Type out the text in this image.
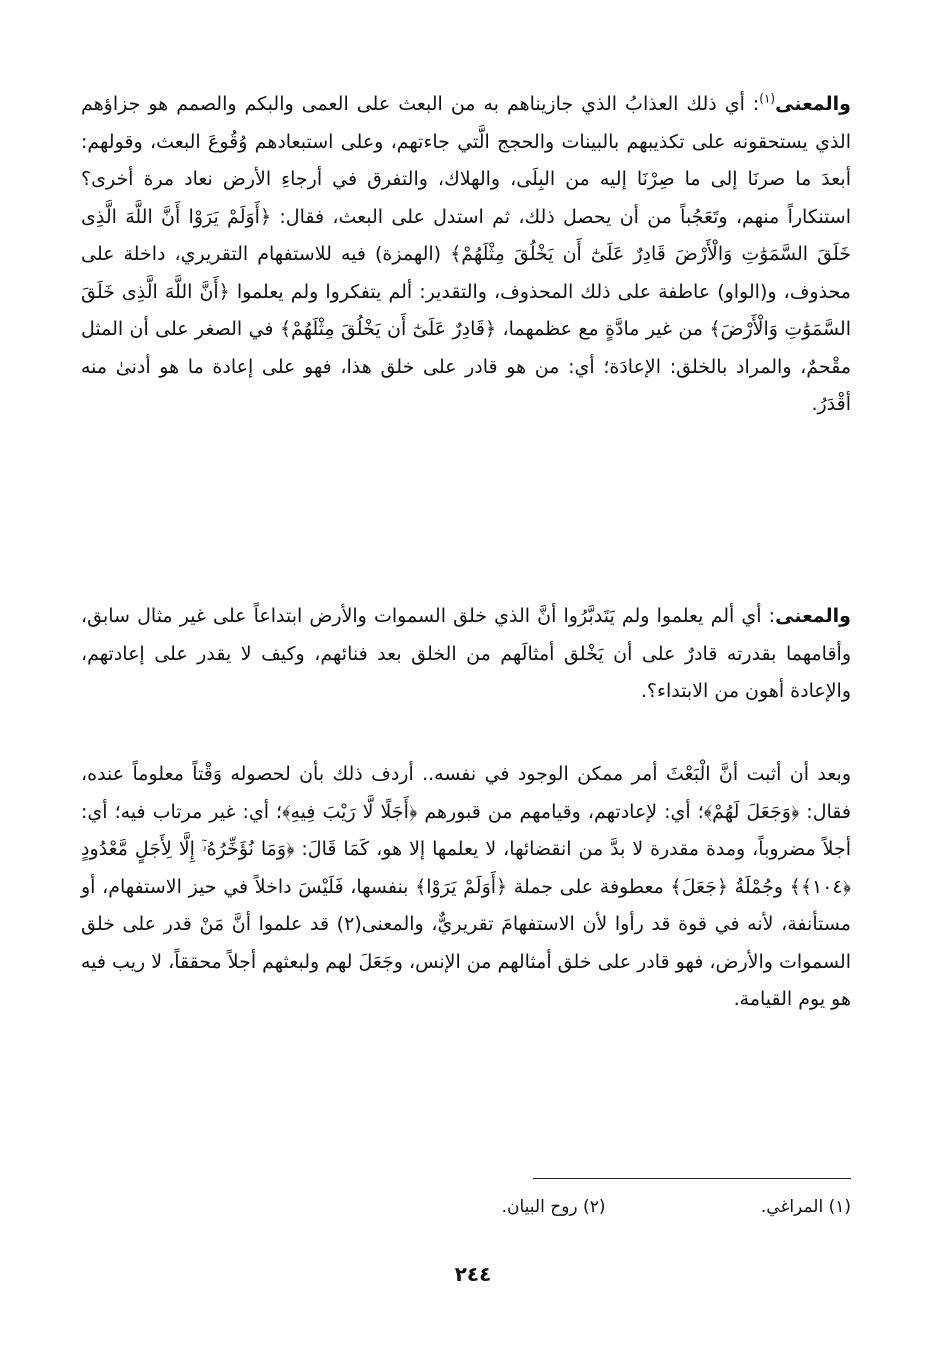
والمعنى$^{(١)}$: أي ذلك العذابُ الذي جازيناهم به من البعث على العمى والبكم والصمم هو جزاؤهم الذي يستحقونه على تكذيبهم بالبينات والحجج الَّتي جاءتهم، وعلى استبعادهم وُقُوعَ البعث، وقولهم: أبعدَ ما صرنَا إلى ما صِرْنَا إليه من البِلَى، والهلاك، والتفرق في أرجاءِ الأرض نعاد مرة أخرى؟ استنكاراً منهم، وتَعَجُباً من أن يحصل ذلك، ثم استدل على البعث، فقال: ﴿أَوَلَمْ يَرَوْا أَنَّ اللَّهَ الَّذِى خَلَقَ السَّمَوَٰتِ وَالْأَرْضَ قَادِرٌ عَلَىٰٓ أَن يَخْلُقَ مِثْلَهُمْ﴾ (الهمزة) فيه للاستفهام التقريري، داخلة على محذوف، و(الواو) عاطفة على ذلك المحذوف، والتقدير: ألم يتفكروا ولم يعلموا ﴿أَنَّ اللَّهَ الَّذِى خَلَقَ السَّمَوَٰتِ وَالْأَرْضَ﴾ من غير مادَّةٍ مع عظمهما، ﴿قَادِرٌ عَلَىٰٓ أَن يَخْلُقَ مِثْلَهُمْ﴾ في الصغر على أن المثل مقْحمٌ، والمراد بالخلق: الإعادَة؛ أي: من هو قادر على خلق هذا، فهو على إعادة ما هو أدنىٰ منه أقْدَرُ.

والمعنى: أي ألم يعلموا ولم يَتَدبَّرُوا أنَّ الذي خلق السموات والأرض ابتداعاً على غير مثال سابق، وأقامهما بقدرته قادرٌ على أن يَخْلق أمثالَهم من الخلق بعد فنائهم، وكيف لا يقدر على إعادتهم، والإعادة أهون من الابتداء؟.

وبعد أن أثبت أنَّ الْبَعْثَ أمر ممكن الوجود في نفسه.. أردف ذلك بأن لحصوله وَقْتاً معلوماً عنده، فقال: ﴿وَجَعَلَ لَهُمْ﴾؛ أي: لإعادتهم، وقيامهم من قبورهم ﴿أَجَلًا لَّا رَيْبَ فِيهِ﴾؛ أي: غير مرتاب فيه؛ أي: أجلاً مضروباً، ومدة مقدرة لا بدَّ من انقضائها، لا يعلمها إلا هو، كَمَا قَالَ: ﴿وَمَا نُؤَخِّرُهُۥٓ إِلَّا لِأَجَلٍ مَّعْدُودٍ ﴿١٠٤﴾﴾ وجُمْلَةُ ﴿جَعَلَ﴾ معطوفة على جملة ﴿أَوَلَمْ يَرَوْا﴾ بنفسها، فَلَيْسَ داخلاً في حيز الاستفهام، أو مستأنفة، لأنه في قوة قد رأوا لأن الاستفهامَ تقريريٌّ، والمعنى(٢) قد علموا أنَّ مَنْ قدر على خلق السموات والأرض، فهو قادر على خلق أمثالهم من الإنس، وجَعَلَ لهم ولبعثهم أجلاً محققاً، لا ريب فيه هو يوم القيامة.

(١) المراغي. (٢) روح البيان.
٢٤٤
